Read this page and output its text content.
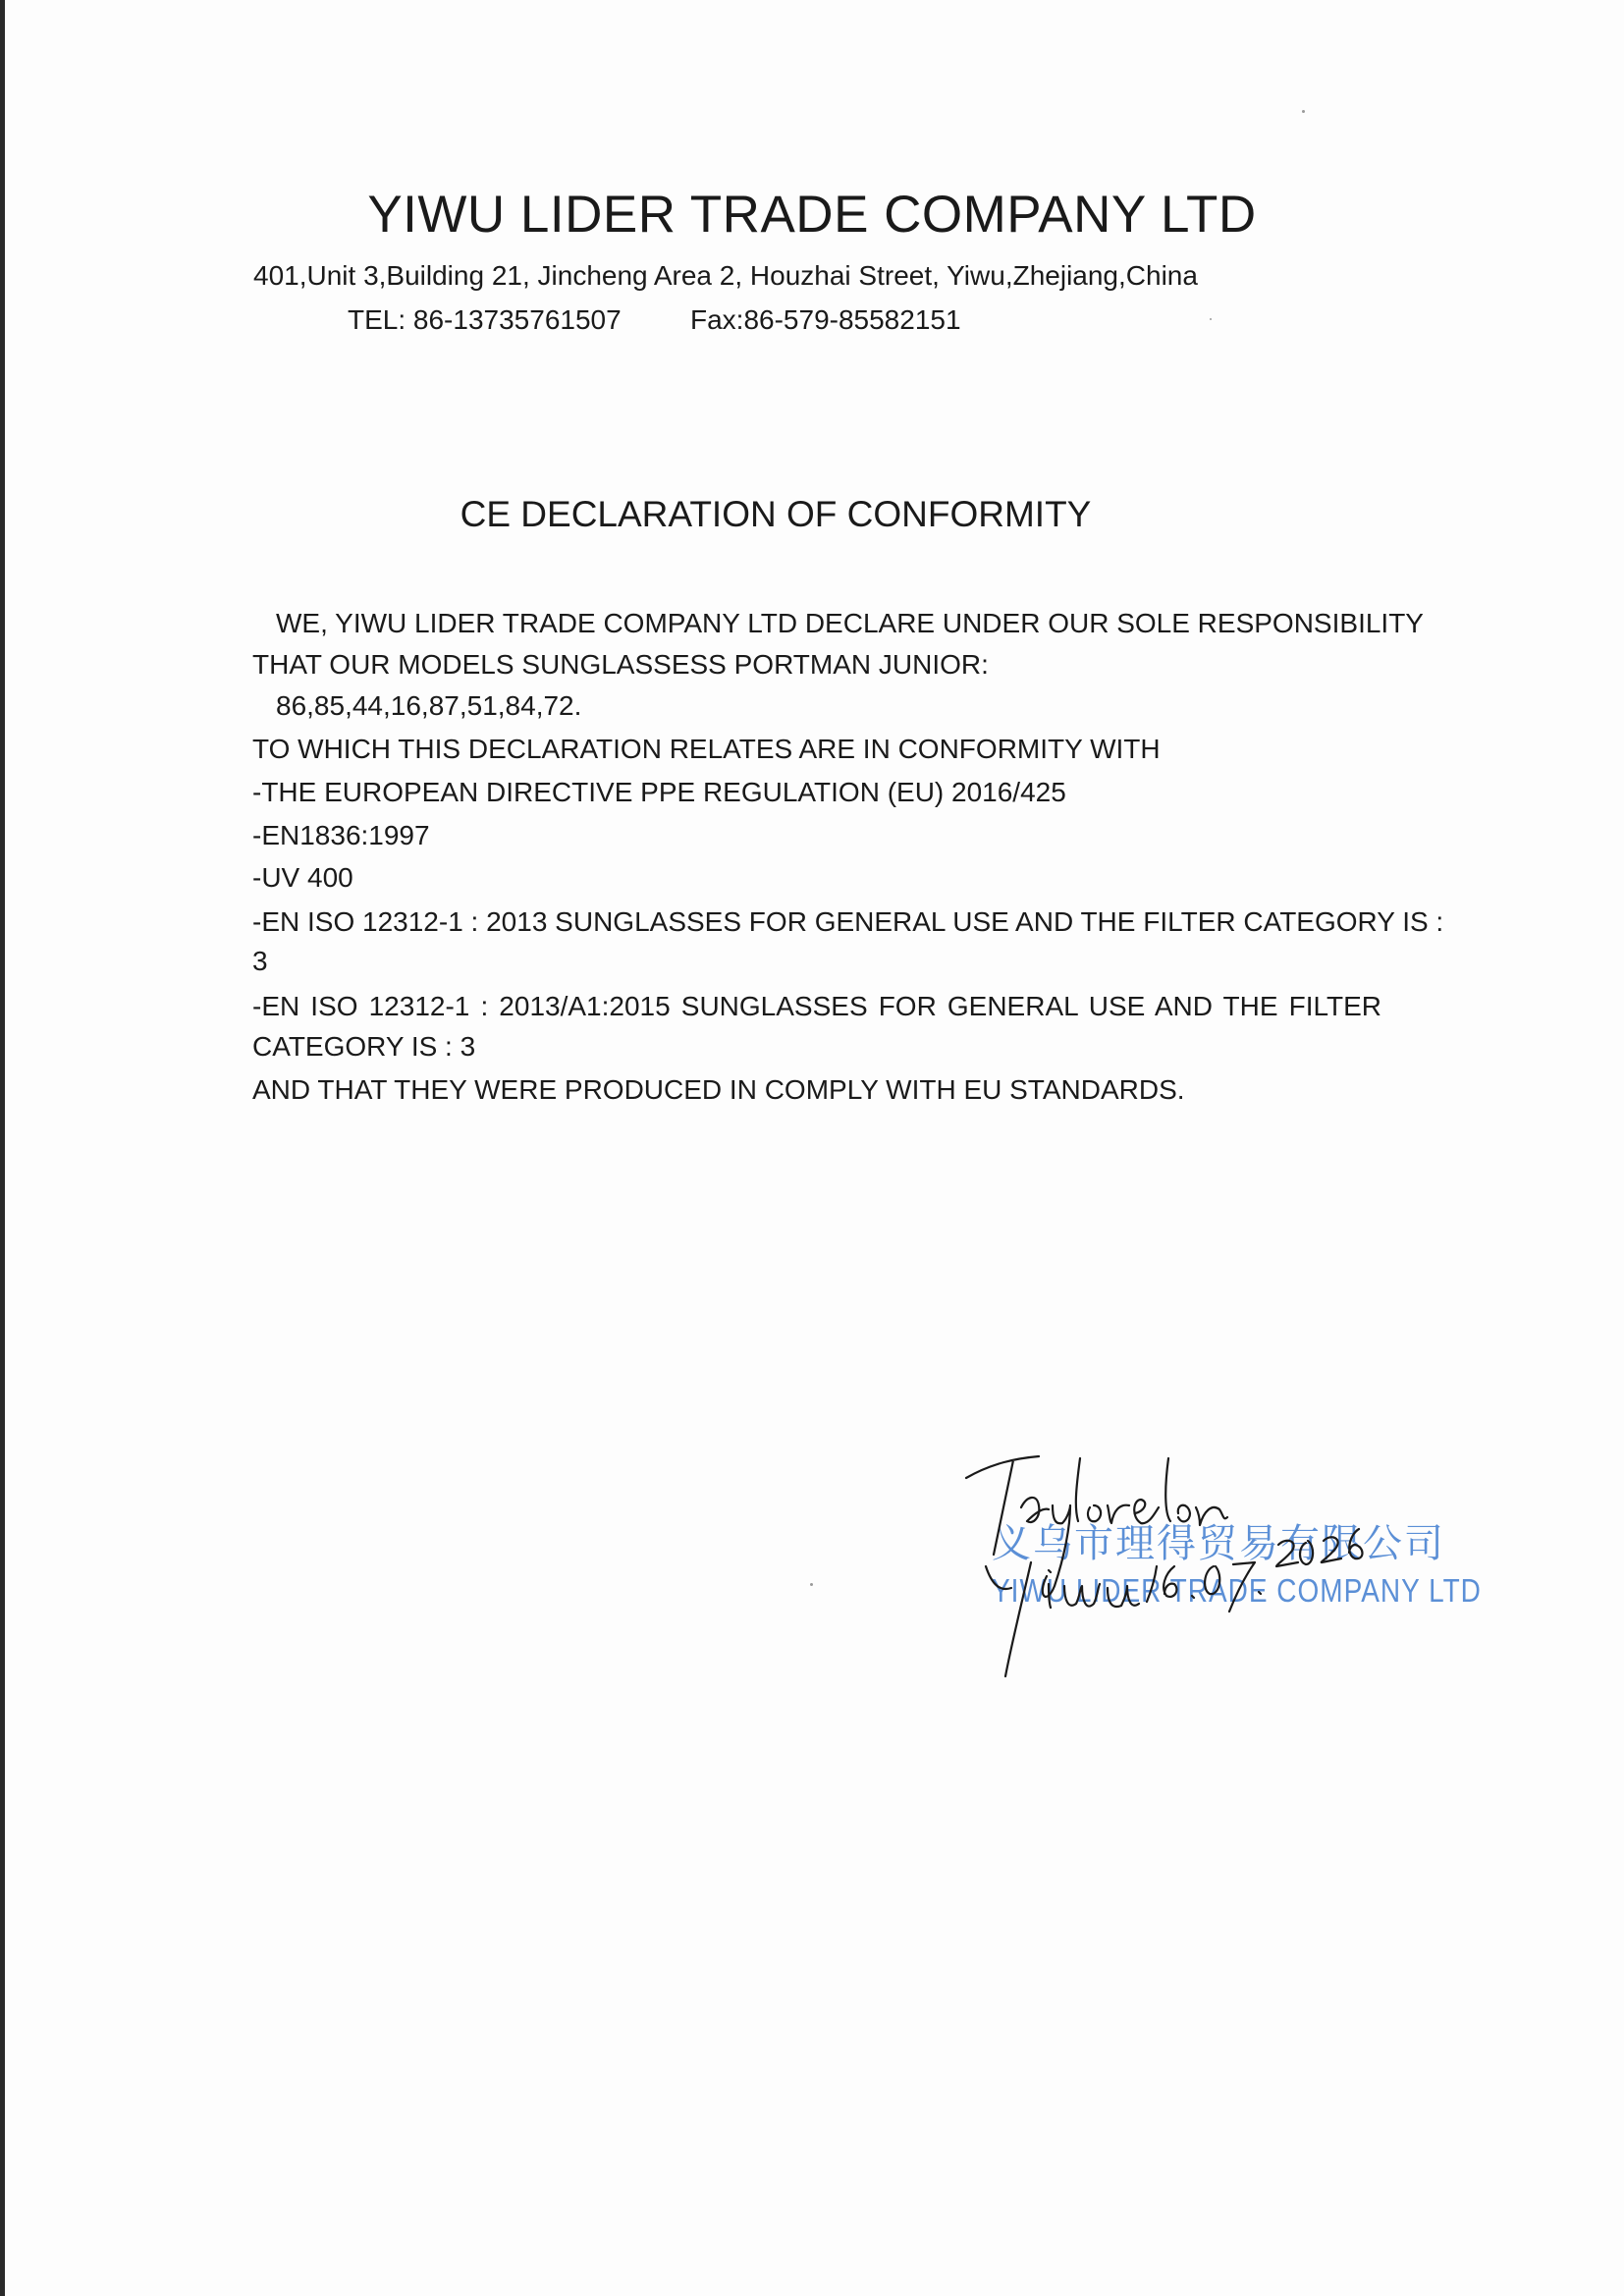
YIWU LIDER TRADE COMPANY LTD
401,Unit 3,Building 21, Jincheng Area 2, Houzhai Street, Yiwu,Zhejiang,China
TEL: 86-13735761507	Fax:86-579-85582151
CE DECLARATION OF CONFORMITY
WE, YIWU LIDER TRADE COMPANY LTD DECLARE UNDER OUR SOLE RESPONSIBILITY
THAT OUR MODELS SUNGLASSESS PORTMAN JUNIOR:
86,85,44,16,87,51,84,72.
TO WHICH THIS DECLARATION RELATES ARE IN CONFORMITY WITH
-THE EUROPEAN DIRECTIVE PPE REGULATION (EU) 2016/425
-EN1836:1997
-UV 400
-EN ISO 12312-1 : 2013 SUNGLASSES FOR GENERAL USE AND THE FILTER CATEGORY IS :
3
-EN ISO 12312-1 : 2013/A1:2015 SUNGLASSES FOR GENERAL USE AND THE FILTER
CATEGORY IS : 3
AND THAT THEY WERE PRODUCED IN COMPLY WITH EU STANDARDS.
义乌市理得贸易有限公司
YIWU LIDER TRADE COMPANY LTD
